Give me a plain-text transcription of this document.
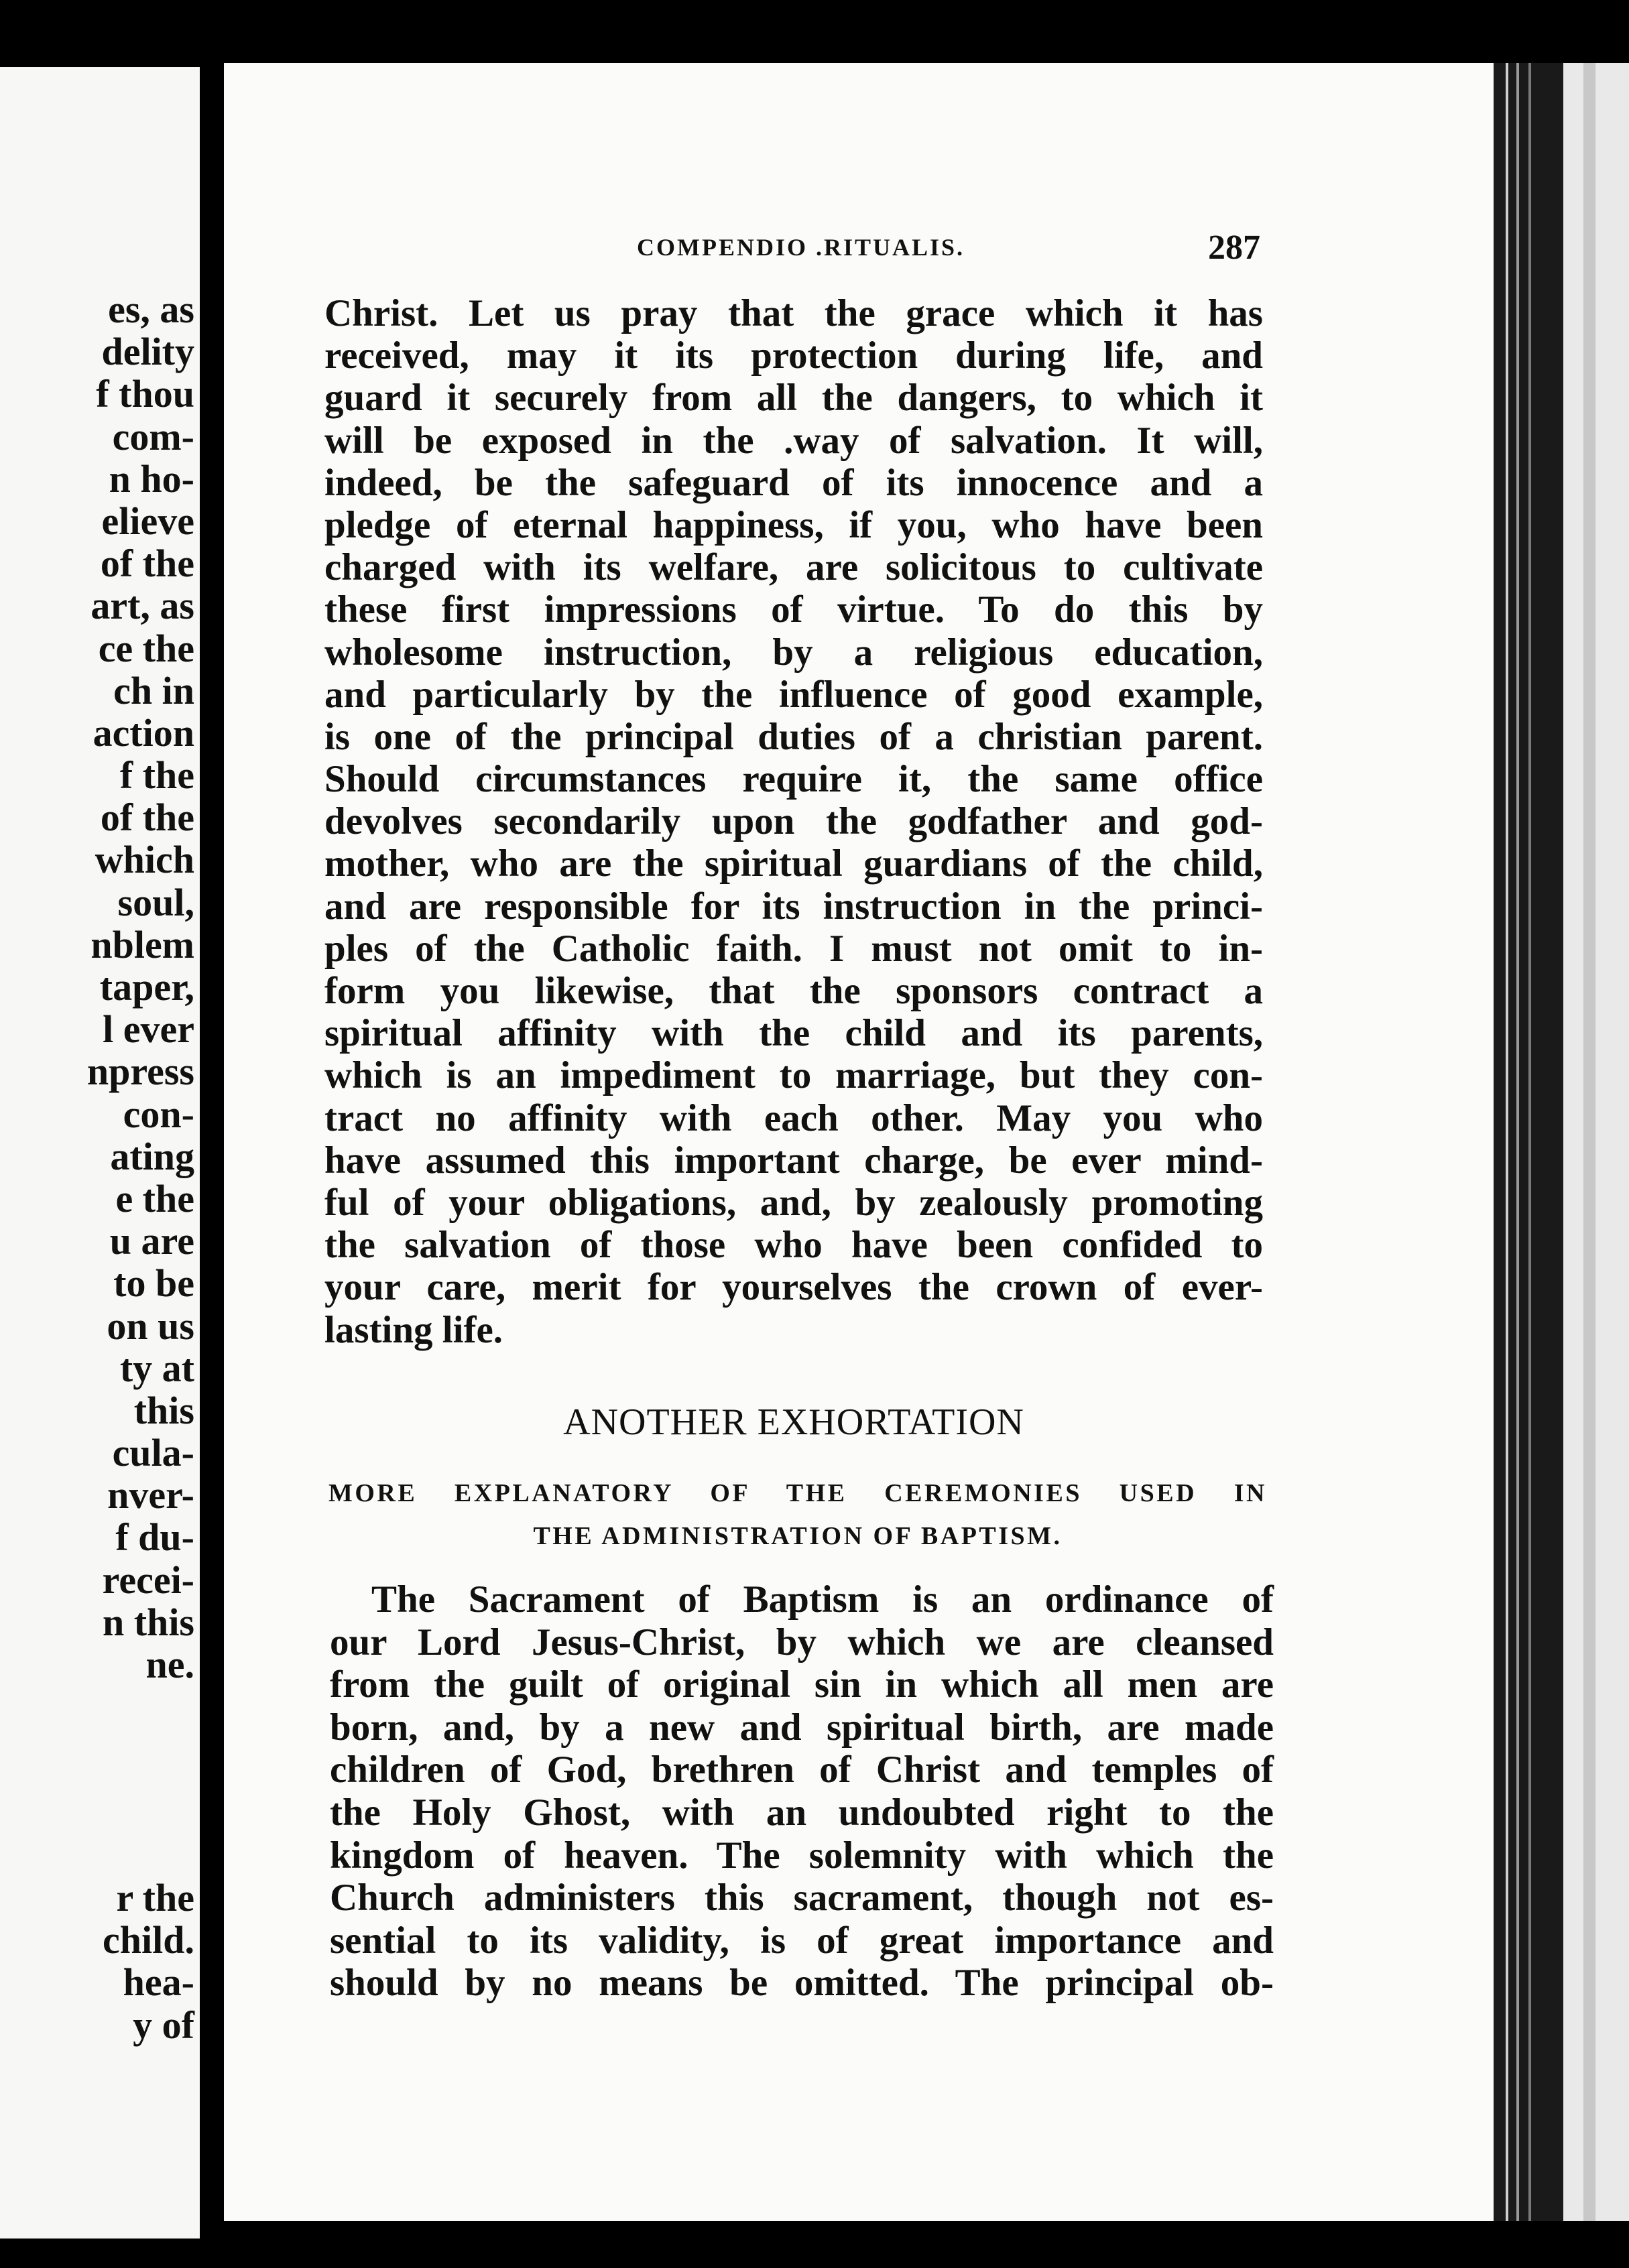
es, as
delity
f thou
com-
n ho-
elieve
of the
art, as
ce the
ch in
action
f the
of the
which
soul,
nblem
taper,
l ever
npress
con-
ating
e the
u are
to be
on us
ty at
this
cula-
nver-
f du-
recei-
n this
ne.
r the
child.
hea-
y of
COMPENDIO .RITUALIS.	287
Christ. Let us pray that the grace which it has
received, may it its protection during life, and
guard it securely from all the dangers, to which it
will be exposed in the .way of salvation. It will,
indeed, be the safeguard of its innocence and a
pledge of eternal happiness, if you, who have been
charged with its welfare, are solicitous to cultivate
these first impressions of virtue. To do this by
wholesome instruction, by a religious education,
and particularly by the influence of good example,
is one of the principal duties of a christian parent.
Should circumstances require it, the same office
devolves secondarily upon the godfather and god-
mother, who are the spiritual guardians of the child,
and are responsible for its instruction in the princi-
ples of the Catholic faith. I must not omit to in-
form you likewise, that the sponsors contract a
spiritual affinity with the child and its parents,
which is an impediment to marriage, but they con-
tract no affinity with each other. May you who
have assumed this important charge, be ever mind-
ful of your obligations, and, by zealously promoting
the salvation of those who have been confided to
your care, merit for yourselves the crown of ever-
lasting life.
ANOTHER EXHORTATION
MORE EXPLANATORY OF THE CEREMONIES USED IN
THE ADMINISTRATION OF BAPTISM.
The Sacrament of Baptism is an ordinance of
our Lord Jesus-Christ, by which we are cleansed
from the guilt of original sin in which all men are
born, and, by a new and spiritual birth, are made
children of God, brethren of Christ and temples of
the Holy Ghost, with an undoubted right to the
kingdom of heaven. The solemnity with which the
Church administers this sacrament, though not es-
sential to its validity, is of great importance and
should by no means be omitted. The principal ob-
